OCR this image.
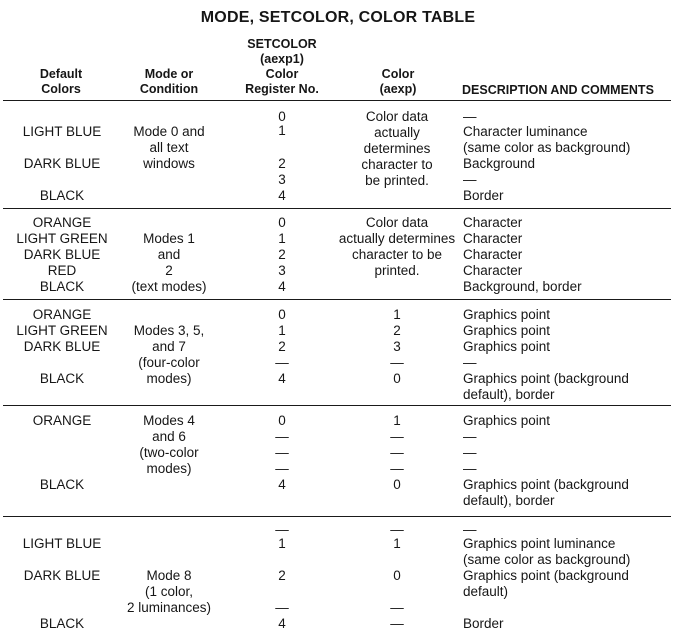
MODE, SETCOLOR, COLOR TABLE
Default
Colors
Mode or
Condition
SETCOLOR
(aexp1)
Color
Register No.
Color
(aexp)	DESCRIPTION AND COMMENTS
LIGHT BLUE
DARK BLUE
BLACK
Mode 0 and
all text
windows
0
1
2
3
4
Color data
actually
determines
character to
be printed.
—
Character luminance
(same color as background)
Background
—
Border
ORANGE
LIGHT GREEN
DARK BLUE
RED
BLACK
Modes 1
and
2
(text modes)
0
1
2
3
4
Color data
actually determines
character to be
printed.
Character
Character
Character
Character
Background, border
ORANGE
LIGHT GREEN
DARK BLUE
BLACK
Modes 3, 5,
and 7
(four-color
modes)
0
1
2
—
4
1
2
3
—
0
Graphics point
Graphics point
Graphics point
—
Graphics point (background
default), border
ORANGE
BLACK
Modes 4
and 6
(two-color
modes)
0
—
—
—
4
1
—
—
—
0
Graphics point
—
—
—
Graphics point (background
default), border
LIGHT BLUE
DARK BLUE
BLACK
Mode 8
(1 color,
2 luminances)
—
1
2
—
4
—
1
0
—
—
—
Graphics point luminance
(same color as background)
Graphics point (background
default)
Border
